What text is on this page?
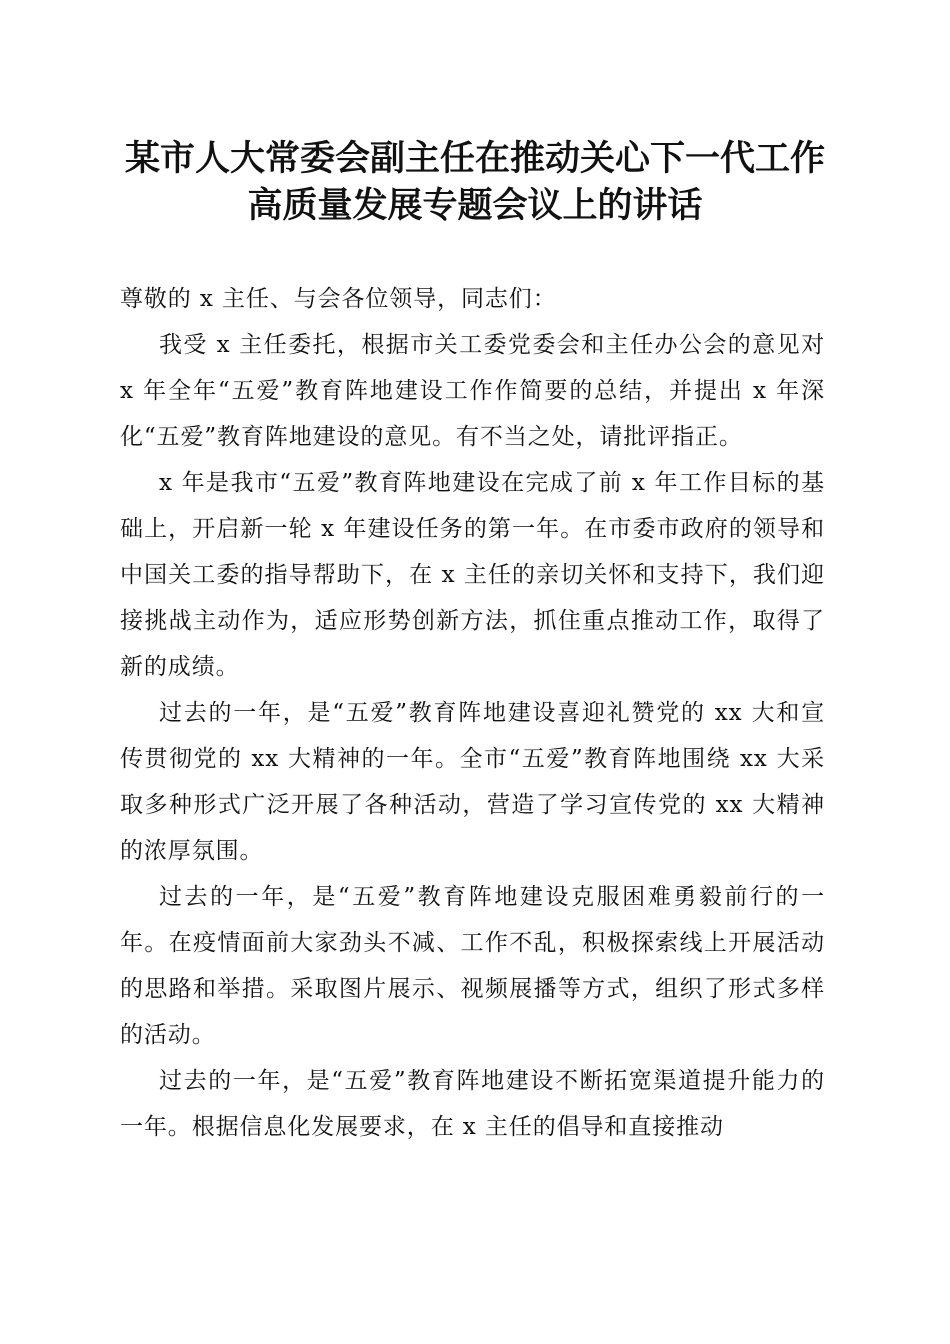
某市人大常委会副主任在推动关心下一代工作
高质量发展专题会议上的讲话

尊敬的 x 主任、与会各位领导，同志们：

我受 x 主任委托，根据市关工委党委会和主任办公会的意见对 x 年全年“五爱”教育阵地建设工作作简要的总结，并提出 x 年深化“五爱”教育阵地建设的意见。有不当之处，请批评指正。

x 年是我市“五爱”教育阵地建设在完成了前 x 年工作目标的基础上，开启新一轮 x 年建设任务的第一年。在市委市政府的领导和中国关工委的指导帮助下，在 x 主任的亲切关怀和支持下，我们迎接挑战主动作为，适应形势创新方法，抓住重点推动工作，取得了新的成绩。

过去的一年，是“五爱”教育阵地建设喜迎礼赞党的 xx 大和宣传贯彻党的 xx 大精神的一年。全市“五爱”教育阵地围绕 xx 大采取多种形式广泛开展了各种活动，营造了学习宣传党的 xx 大精神的浓厚氛围。

过去的一年，是“五爱”教育阵地建设克服困难勇毅前行的一年。在疫情面前大家劲头不减、工作不乱，积极探索线上开展活动的思路和举措。采取图片展示、视频展播等方式，组织了形式多样的活动。

过去的一年，是“五爱”教育阵地建设不断拓宽渠道提升能力的一年。根据信息化发展要求，在 x 主任的倡导和直接推动
